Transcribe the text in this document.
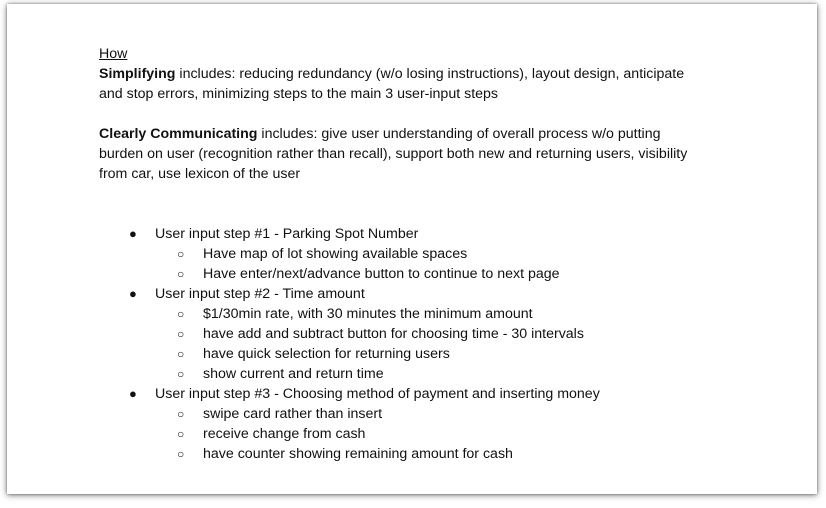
How
Simplifying includes: reducing redundancy (w/o losing instructions), layout design, anticipate
and stop errors, minimizing steps to the main 3 user-input steps
Clearly Communicating includes: give user understanding of overall process w/o putting
burden on user (recognition rather than recall), support both new and returning users, visibility
from car, use lexicon of the user
● User input step #1 - Parking Spot Number
○ Have map of lot showing available spaces
○ Have enter/next/advance button to continue to next page
● User input step #2 - Time amount
○ $1/30min rate, with 30 minutes the minimum amount
○ have add and subtract button for choosing time - 30 intervals
○ have quick selection for returning users
○ show current and return time
● User input step #3 - Choosing method of payment and inserting money
○ swipe card rather than insert
○ receive change from cash
○ have counter showing remaining amount for cash
